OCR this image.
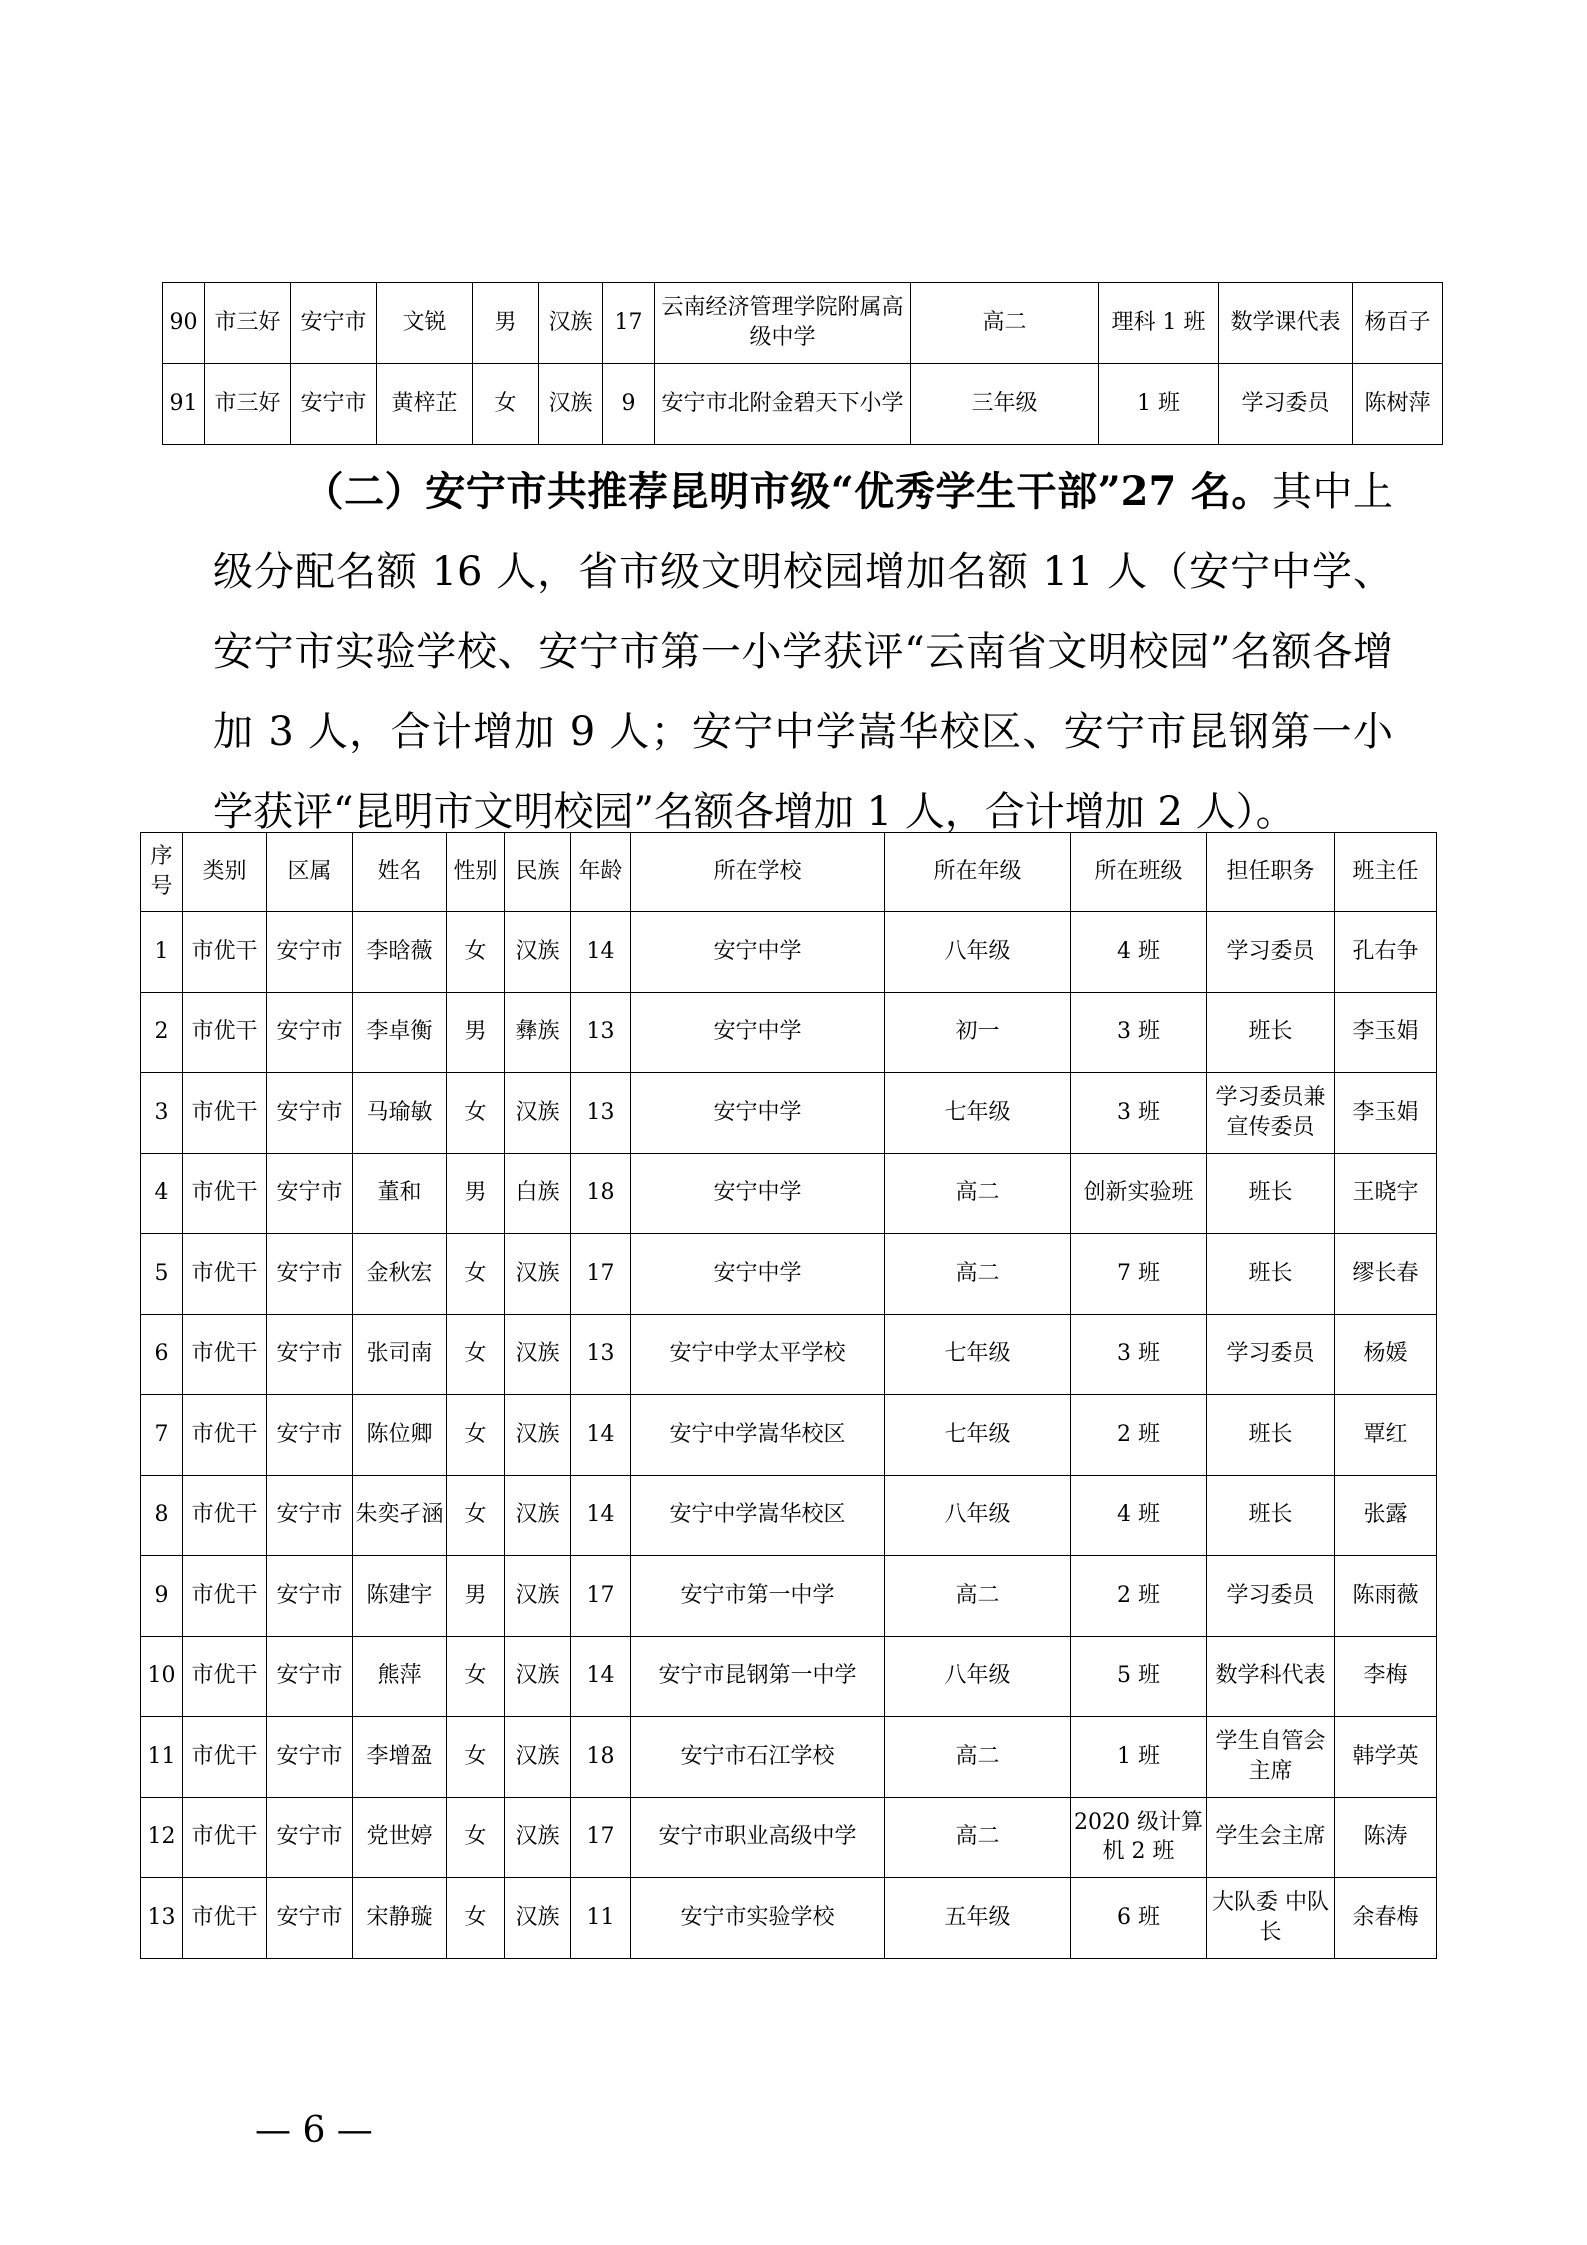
90	市三好	安宁市	文锐	男	汉族	17	云南经济管理学院附属高级中学	高二	理科 1 班	数学课代表	杨百子
91	市三好	安宁市	黄梓芷	女	汉族	9	安宁市北附金碧天下小学	三年级	1 班	学习委员	陈树萍

（二）安宁市共推荐昆明市级“优秀学生干部”27 名。其中上级分配名额 16 人，省市级文明校园增加名额 11 人（安宁中学、安宁市实验学校、安宁市第一小学获评“云南省文明校园”名额各增加 3 人，合计增加 9 人；安宁中学嵩华校区、安宁市昆钢第一小学获评“昆明市文明校园”名额各增加 1 人，合计增加 2 人）。

序号	类别	区属	姓名	性别	民族	年龄	所在学校	所在年级	所在班级	担任职务	班主任
1	市优干	安宁市	李晗薇	女	汉族	14	安宁中学	八年级	4 班	学习委员	孔右争
2	市优干	安宁市	李卓衡	男	彝族	13	安宁中学	初一	3 班	班长	李玉娟
3	市优干	安宁市	马瑜敏	女	汉族	13	安宁中学	七年级	3 班	学习委员兼宣传委员	李玉娟
4	市优干	安宁市	董和	男	白族	18	安宁中学	高二	创新实验班	班长	王晓宇
5	市优干	安宁市	金秋宏	女	汉族	17	安宁中学	高二	7 班	班长	缪长春
6	市优干	安宁市	张司南	女	汉族	13	安宁中学太平学校	七年级	3 班	学习委员	杨媛
7	市优干	安宁市	陈位卿	女	汉族	14	安宁中学嵩华校区	七年级	2 班	班长	覃红
8	市优干	安宁市	朱奕孑涵	女	汉族	14	安宁中学嵩华校区	八年级	4 班	班长	张露
9	市优干	安宁市	陈建宇	男	汉族	17	安宁市第一中学	高二	2 班	学习委员	陈雨薇
10	市优干	安宁市	熊萍	女	汉族	14	安宁市昆钢第一中学	八年级	5 班	数学科代表	李梅
11	市优干	安宁市	李增盈	女	汉族	18	安宁市石江学校	高二	1 班	学生自管会主席	韩学英
12	市优干	安宁市	党世婷	女	汉族	17	安宁市职业高级中学	高二	2020 级计算机 2 班	学生会主席	陈涛
13	市优干	安宁市	宋静璇	女	汉族	11	安宁市实验学校	五年级	6 班	大队委 中队长	余春梅
— 6 —
